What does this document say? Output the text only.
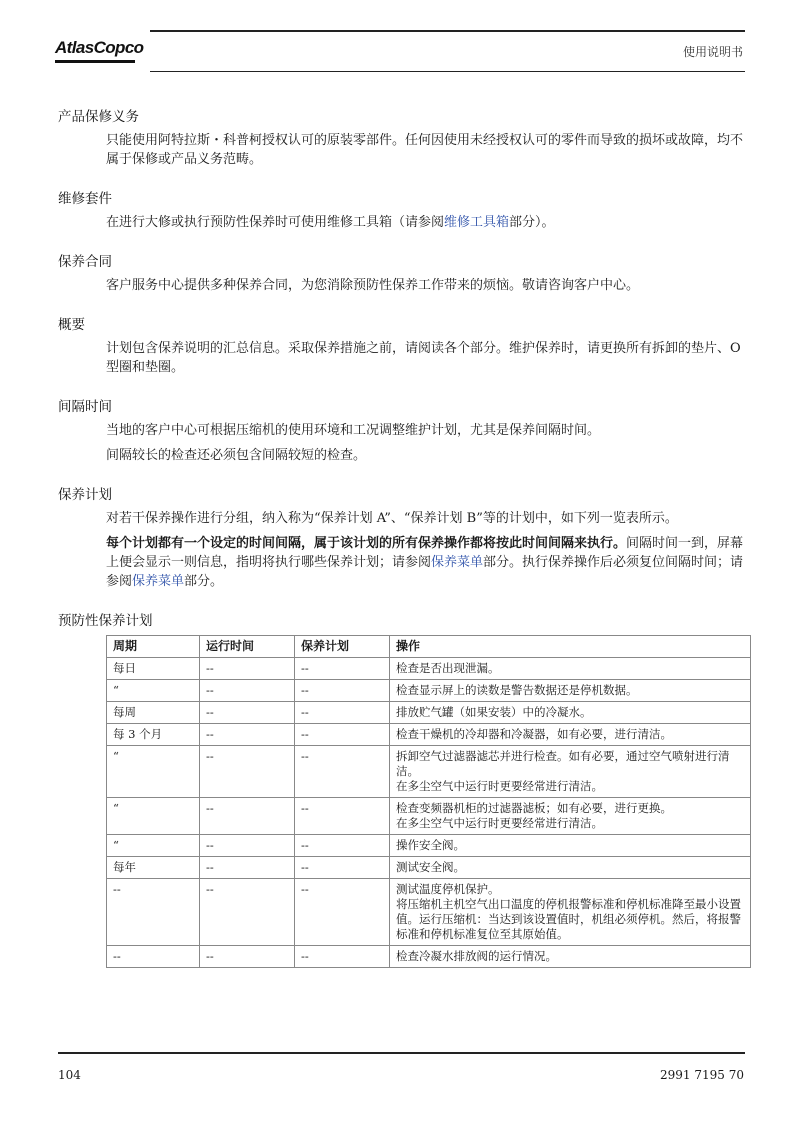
AtlasCopco	使用说明书
产品保修义务

只能使用阿特拉斯・科普柯授权认可的原装零部件。任何因使用未经授权认可的零件而导致的损坏或故障，均不属于保修或产品义务范畴。

维修套件

在进行大修或执行预防性保养时可使用维修工具箱（请参阅维修工具箱部分）。

保养合同

客户服务中心提供多种保养合同，为您消除预防性保养工作带来的烦恼。敬请咨询客户中心。

概要

计划包含保养说明的汇总信息。采取保养措施之前，请阅读各个部分。维护保养时，请更换所有拆卸的垫片、O 型圈和垫圈。

间隔时间

当地的客户中心可根据压缩机的使用环境和工况调整维护计划，尤其是保养间隔时间。

间隔较长的检查还必须包含间隔较短的检查。

保养计划

对若干保养操作进行分组，纳入称为“保养计划 A”、“保养计划 B”等的计划中，如下列一览表所示。

每个计划都有一个设定的时间间隔，属于该计划的所有保养操作都将按此时间间隔来执行。间隔时间一到，屏幕上便会显示一则信息，指明将执行哪些保养计划；请参阅保养菜单部分。执行保养操作后必须复位间隔时间；请参阅保养菜单部分。

预防性保养计划
周期	运行时间	保养计划	操作
每日	--	--	检查是否出现泄漏。
“	--	--	检查显示屏上的读数是警告数据还是停机数据。
每周	--	--	排放贮气罐（如果安装）中的冷凝水。
每 3 个月	--	--	检查干燥机的冷却器和冷凝器，如有必要，进行清洁。
“	--	--	拆卸空气过滤器滤芯并进行检查。如有必要，通过空气喷射进行清洁。
在多尘空气中运行时更要经常进行清洁。
“	--	--	检查变频器机柜的过滤器滤板；如有必要，进行更换。
在多尘空气中运行时更要经常进行清洁。
“	--	--	操作安全阀。
每年	--	--	测试安全阀。
--	--	--	测试温度停机保护。
将压缩机主机空气出口温度的停机报警标准和停机标准降至最小设置值。运行压缩机：当达到该设置值时，机组必须停机。然后，将报警标准和停机标准复位至其原始值。
--	--	--	检查冷凝水排放阀的运行情况。
104	2991 7195 70
